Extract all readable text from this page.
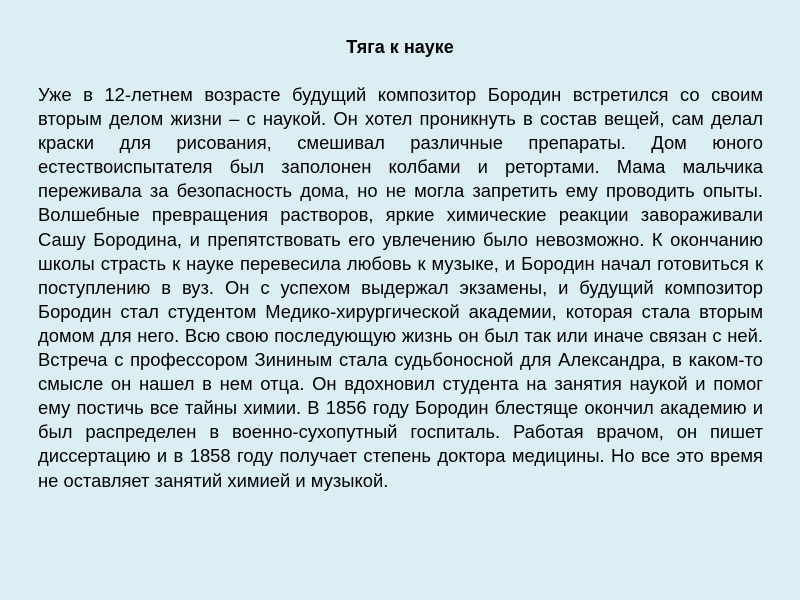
Тяга к науке

Уже в 12-летнем возрасте будущий композитор Бородин встретился со своим вторым делом жизни – с наукой. Он хотел проникнуть в состав вещей, сам делал краски для рисования, смешивал различные препараты. Дом юного естествоиспытателя был заполонен колбами и ретортами. Мама мальчика переживала за безопасность дома, но не могла запретить ему проводить опыты. Волшебные превращения растворов, яркие химические реакции завораживали Сашу Бородина, и препятствовать его увлечению было невозможно. К окончанию школы страсть к науке перевесила любовь к музыке, и Бородин начал готовиться к поступлению в вуз. Он с успехом выдержал экзамены, и будущий композитор Бородин стал студентом Медико-хирургической академии, которая стала вторым домом для него. Всю свою последующую жизнь он был так или иначе связан с ней. Встреча с профессором Зининым стала судьбоносной для Александра, в каком-то смысле он нашел в нем отца. Он вдохновил студента на занятия наукой и помог ему постичь все тайны химии. В 1856 году Бородин блестяще окончил академию и был распределен в военно-сухопутный госпиталь. Работая врачом, он пишет диссертацию и в 1858 году получает степень доктора медицины. Но все это время не оставляет занятий химией и музыкой.
